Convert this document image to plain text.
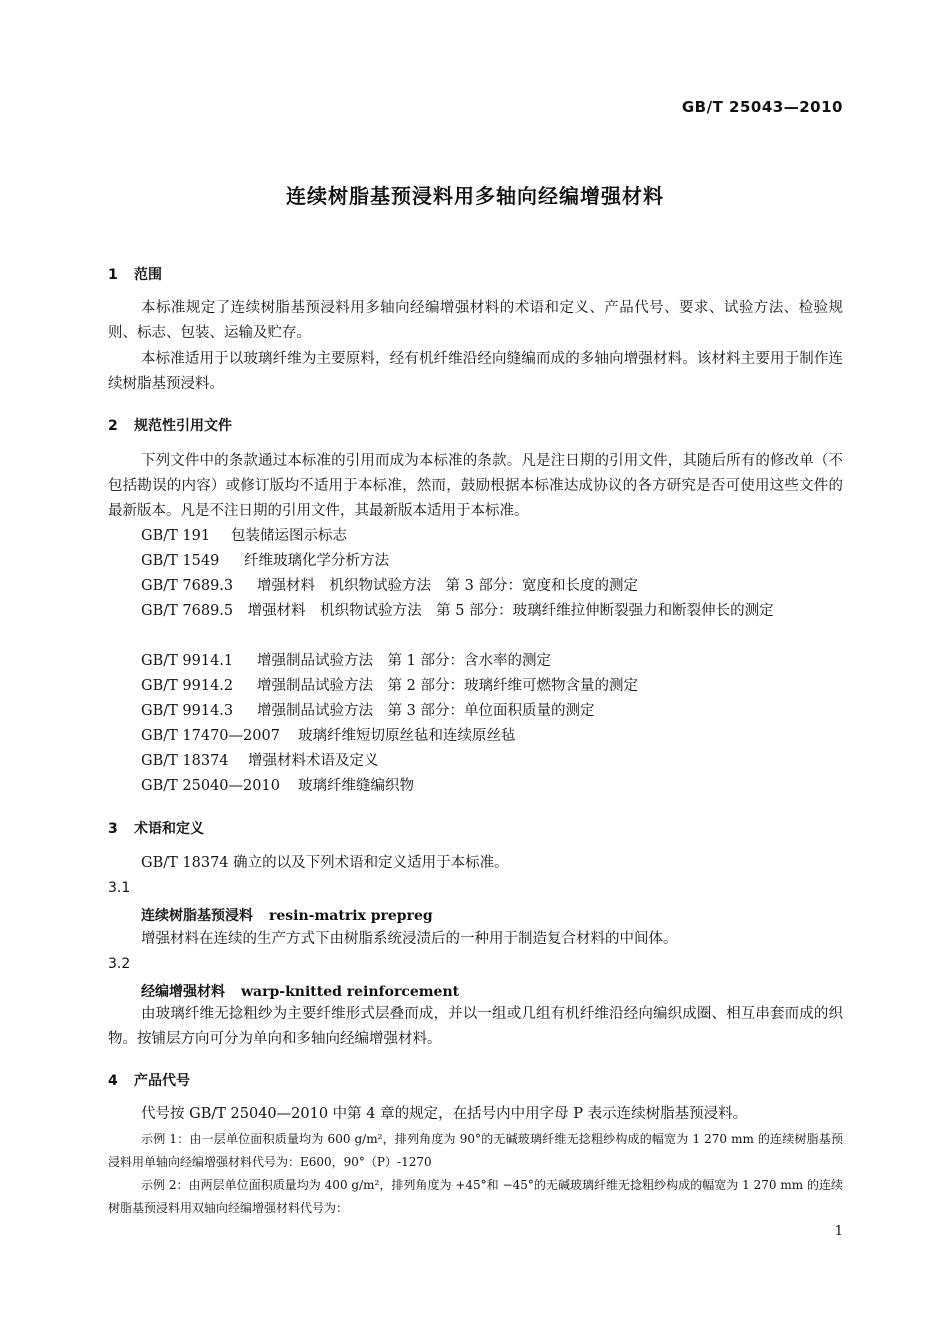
GB/T 25043—2010
连续树脂基预浸料用多轴向经编增强材料
1 范围
本标准规定了连续树脂基预浸料用多轴向经编增强材料的术语和定义、产品代号、要求、试验方法、检验规则、标志、包装、运输及贮存。
本标准适用于以玻璃纤维为主要原料，经有机纤维沿经向缝编而成的多轴向增强材料。该材料主要用于制作连续树脂基预浸料。
2 规范性引用文件
下列文件中的条款通过本标准的引用而成为本标准的条款。凡是注日期的引用文件，其随后所有的修改单（不包括勘误的内容）或修订版均不适用于本标准，然而，鼓励根据本标准达成协议的各方研究是否可使用这些文件的最新版本。凡是不注日期的引用文件，其最新版本适用于本标准。
GB/T 191 包装储运图示标志
GB/T 1549 纤维玻璃化学分析方法
GB/T 7689.3 增强材料　机织物试验方法　第 3 部分：宽度和长度的测定
GB/T 7689.5  增强材料　机织物试验方法　第 5 部分：玻璃纤维拉伸断裂强力和断裂伸长的测定
GB/T 9914.1 增强制品试验方法　第 1 部分：含水率的测定
GB/T 9914.2 增强制品试验方法　第 2 部分：玻璃纤维可燃物含量的测定
GB/T 9914.3 增强制品试验方法　第 3 部分：单位面积质量的测定
GB/T 17470—2007 玻璃纤维短切原丝毡和连续原丝毡
GB/T 18374 增强材料术语及定义
GB/T 25040—2010 玻璃纤维缝编织物
3 术语和定义
GB/T 18374 确立的以及下列术语和定义适用于本标准。
3.1
连续树脂基预浸料 resin-matrix prepreg
增强材料在连续的生产方式下由树脂系统浸渍后的一种用于制造复合材料的中间体。
3.2
经编增强材料 warp-knitted reinforcement
由玻璃纤维无捻粗纱为主要纤维形式层叠而成，并以一组或几组有机纤维沿经向编织成圈、相互串套而成的织物。按铺层方向可分为单向和多轴向经编增强材料。
4 产品代号
代号按 GB/T 25040—2010 中第 4 章的规定，在括号内中用字母 P 表示连续树脂基预浸料。
示例 1：由一层单位面积质量均为 600 g/m²，排列角度为 90°的无碱玻璃纤维无捻粗纱构成的幅宽为 1 270 mm 的连续树脂基预浸料用单轴向经编增强材料代号为：E600，90°（P）-1270
示例 2：由两层单位面积质量均为 400 g/m²，排列角度为 +45°和 −45°的无碱玻璃纤维无捻粗纱构成的幅宽为 1 270 mm 的连续树脂基预浸料用双轴向经编增强材料代号为：
1
